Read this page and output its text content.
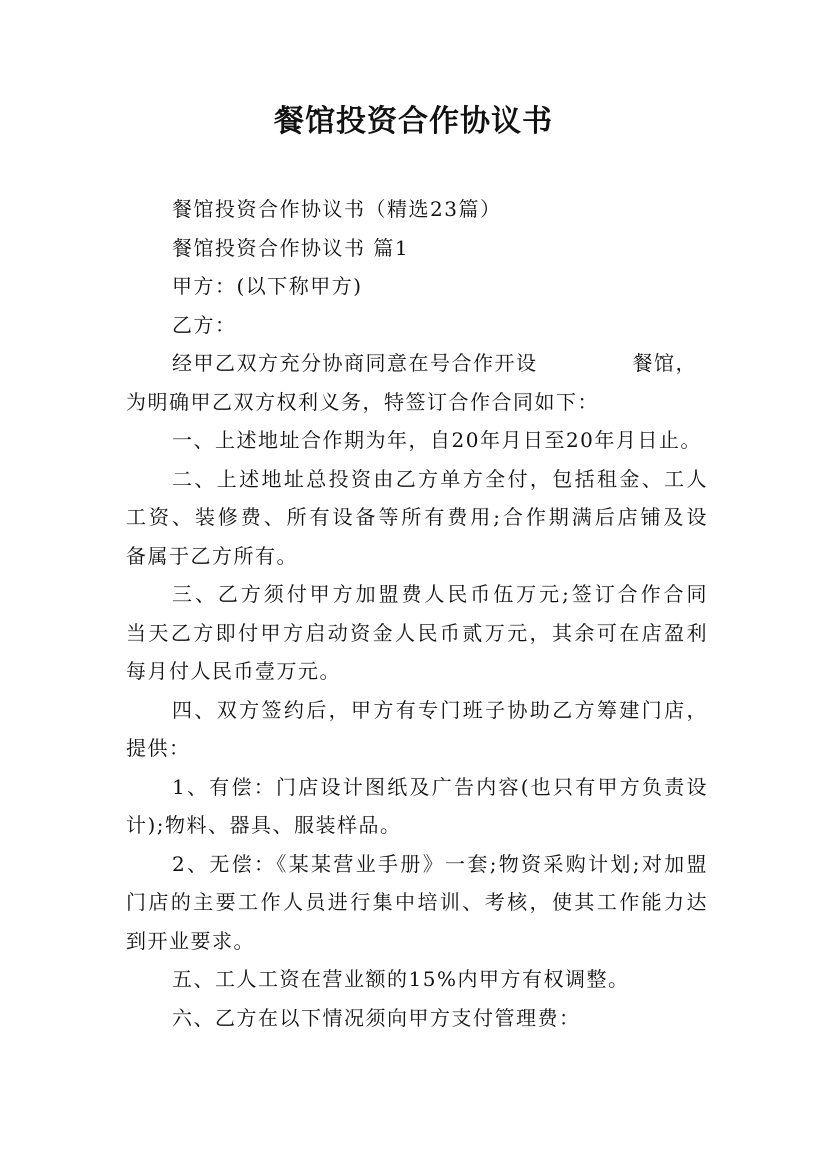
餐馆投资合作协议书
餐馆投资合作协议书（精选23篇）
餐馆投资合作协议书 篇1
甲方：(以下称甲方)
乙方：
经甲乙双方充分协商同意在号合作开设	餐馆，
为明确甲乙双方权利义务，特签订合作合同如下：
一、上述地址合作期为年，自20年月日至20年月日止。
二、上述地址总投资由乙方单方全付，包括租金、工人
工资、装修费、所有设备等所有费用;合作期满后店铺及设
备属于乙方所有。
三、乙方须付甲方加盟费人民币伍万元;签订合作合同
当天乙方即付甲方启动资金人民币贰万元，其余可在店盈利
每月付人民币壹万元。
四、双方签约后，甲方有专门班子协助乙方筹建门店，
提供：
1、有偿：门店设计图纸及广告内容(也只有甲方负责设
计);物料、器具、服装样品。
2、无偿：《某某营业手册》一套;物资采购计划;对加盟
门店的主要工作人员进行集中培训、考核，使其工作能力达
到开业要求。
五、工人工资在营业额的15%内甲方有权调整。
六、乙方在以下情况须向甲方支付管理费：
